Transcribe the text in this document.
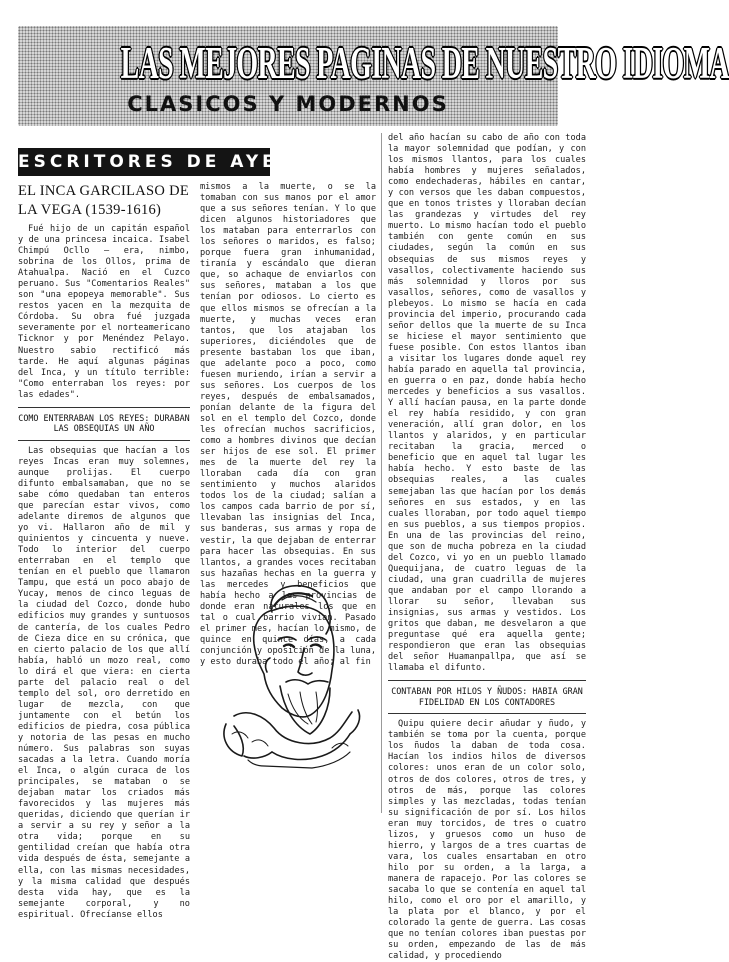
LAS MEJORES PAGINAS DE NUESTRO IDIOMA
CLASICOS Y MODERNOS
ESCRITORES DE AYER
EL INCA GARCILASO DE LA VEGA (1539-1616)

Fué hijo de un capitán español y de una princesa incaica. Isabel Chimpú Ocllo — era, nimbo, sobrina de los Ollos, prima de Atahualpa. Nació en el Cuzco peruano. Sus "Comentarios Reales" son "una epopeya memorable". Sus restos yacen en la mezquita de Córdoba. Su obra fué juzgada severamente por el norteamericano Ticknor y por Menéndez Pelayo. Nuestro sabio rectificó más tarde. He aquí algunas páginas del Inca, y un título terrible: "Como enterraban los reyes: por las edades".

COMO ENTERRABAN LOS REYES: DURABAN LAS OBSEQUIAS UN AÑO

Las obsequias que hacían a los reyes Incas eran muy solemnes, aunque prolijas. El cuerpo difunto embalsamaban, que no se sabe cómo quedaban tan enteros que parecían estar vivos, como adelante diremos de algunos que yo vi. Hallaron año de mil y quinientos y cincuenta y nueve. Todo lo interior del cuerpo enterraban en el templo que tenían en el pueblo que llamaron Tampu, que está un poco abajo de Yucay, menos de cinco leguas de la ciudad del Cozco, donde hubo edificios muy grandes y suntuosos de cantería, de los cuales Pedro de Cieza dice en su crónica, que en cierto palacio de los que allí había, habló un mozo real, como lo dirá el que viera: en cierta parte del palacio real o del templo del sol, oro derretido en lugar de mezcla, con que juntamente con el betún los edificios de piedra, cosa pública y notoria de las pesas en mucho número. Sus palabras son suyas sacadas a la letra. Cuando moría el Inca, o algún curaca de los principales, se mataban o se dejaban matar los criados más favorecidos y las mujeres más queridas, diciendo que querían ir a servir a su rey y señor a la otra vida; porque en su gentilidad creían que había otra vida después de ésta, semejante a ella, con las mismas necesidades, y la misma calidad que después desta vida hay, que es la semejante corporal, y no espiritual. Ofrecíanse ellos

mismos a la muerte, o se la tomaban con sus manos por el amor que a sus señores tenían. Y lo que dicen algunos historiadores que los mataban para enterrarlos con los señores o maridos, es falso; porque fuera gran inhumanidad, tiranía y escándalo que dieran que, so achaque de enviarlos con sus señores, mataban a los que tenían por odiosos. Lo cierto es que ellos mismos se ofrecían a la muerte, y muchas veces eran tantos, que los atajaban los superiores, diciéndoles que de presente bastaban los que iban, que adelante poco a poco, como fuesen muriendo, irían a servir a sus señores. Los cuerpos de los reyes, después de embalsamados, ponían delante de la figura del sol en el templo del Cozco, donde les ofrecían muchos sacrificios, como a hombres divinos que decían ser hijos de ese sol. El primer mes de la muerte del rey la lloraban cada día con gran sentimiento y muchos alaridos todos los de la ciudad; salían a los campos cada barrio de por sí, llevaban las insignias del Inca, sus banderas, sus armas y ropa de vestir, la que dejaban de enterrar para hacer las obsequias. En sus llantos, a grandes voces recitaban sus hazañas hechas en la guerra y las mercedes y beneficios que había hecho a las provincias de donde eran naturales los que en tal o cual barrio vivían. Pasado el primer mes, hacían lo mismo, de quince en quince días, a cada conjunción y oposición de la luna, y esto duraba todo el año; al fin

del año hacían su cabo de año con toda la mayor solemnidad que podían, y con los mismos llantos, para los cuales había hombres y mujeres señalados, como endechaderas, hábiles en cantar, y con versos que les daban compuestos, que en tonos tristes y lloraban decían las grandezas y virtudes del rey muerto. Lo mismo hacían todo el pueblo también con gente común en sus ciudades, según la común en sus obsequias de sus mismos reyes y vasallos, colectivamente haciendo sus más solemnidad y lloros por sus vasallos, señores, como de vasallos y plebeyos. Lo mismo se hacía en cada provincia del imperio, procurando cada señor dellos que la muerte de su Inca se hiciese el mayor sentimiento que fuese posible. Con estos llantos iban a visitar los lugares donde aquel rey había parado en aquella tal provincia, en guerra o en paz, donde había hecho mercedes y beneficios a sus vasallos. Y allí hacían pausa, en la parte donde el rey había residido, y con gran veneración, allí gran dolor, en los llantos y alaridos, y en particular recitaban la gracia, merced o beneficio que en aquel tal lugar les había hecho. Y esto baste de las obsequias reales, a las cuales semejaban las que hacían por los demás señores en sus estados, y en las cuales lloraban, por todo aquel tiempo en sus pueblos, a sus tiempos propios. En una de las provincias del reino, que son de mucha pobreza en la ciudad del Cozco, vi yo en un pueblo llamado Quequijana, de cuatro leguas de la ciudad, una gran cuadrilla de mujeres que andaban por el campo llorando a llorar su señor, llevaban sus insignias, sus armas y vestidos. Los gritos que daban, me desvelaron a que preguntase qué era aquella gente; respondieron que eran las obsequias del señor Huamanpallpa, que así se llamaba el difunto.

CONTABAN POR HILOS Y ÑUDOS: HABIA GRAN FIDELIDAD EN LOS CONTADORES

Quipu quiere decir añudar y ñudo, y también se toma por la cuenta, porque los ñudos la daban de toda cosa. Hacían los indios hilos de diversos colores: unos eran de un color solo, otros de dos colores, otros de tres, y otros de más, porque las colores simples y las mezcladas, todas tenían su significación de por sí. Los hilos eran muy torcidos, de tres o cuatro lizos, y gruesos como un huso de hierro, y largos de a tres cuartas de vara, los cuales ensartaban en otro hilo por su orden, a la larga, a manera de rapacejo. Por las colores se sacaba lo que se contenía en aquel tal hilo, como el oro por el amarillo, y la plata por el blanco, y por el colorado la gente de guerra. Las cosas que no tenían colores iban puestas por su orden, empezando de las de más calidad, y procediendo
